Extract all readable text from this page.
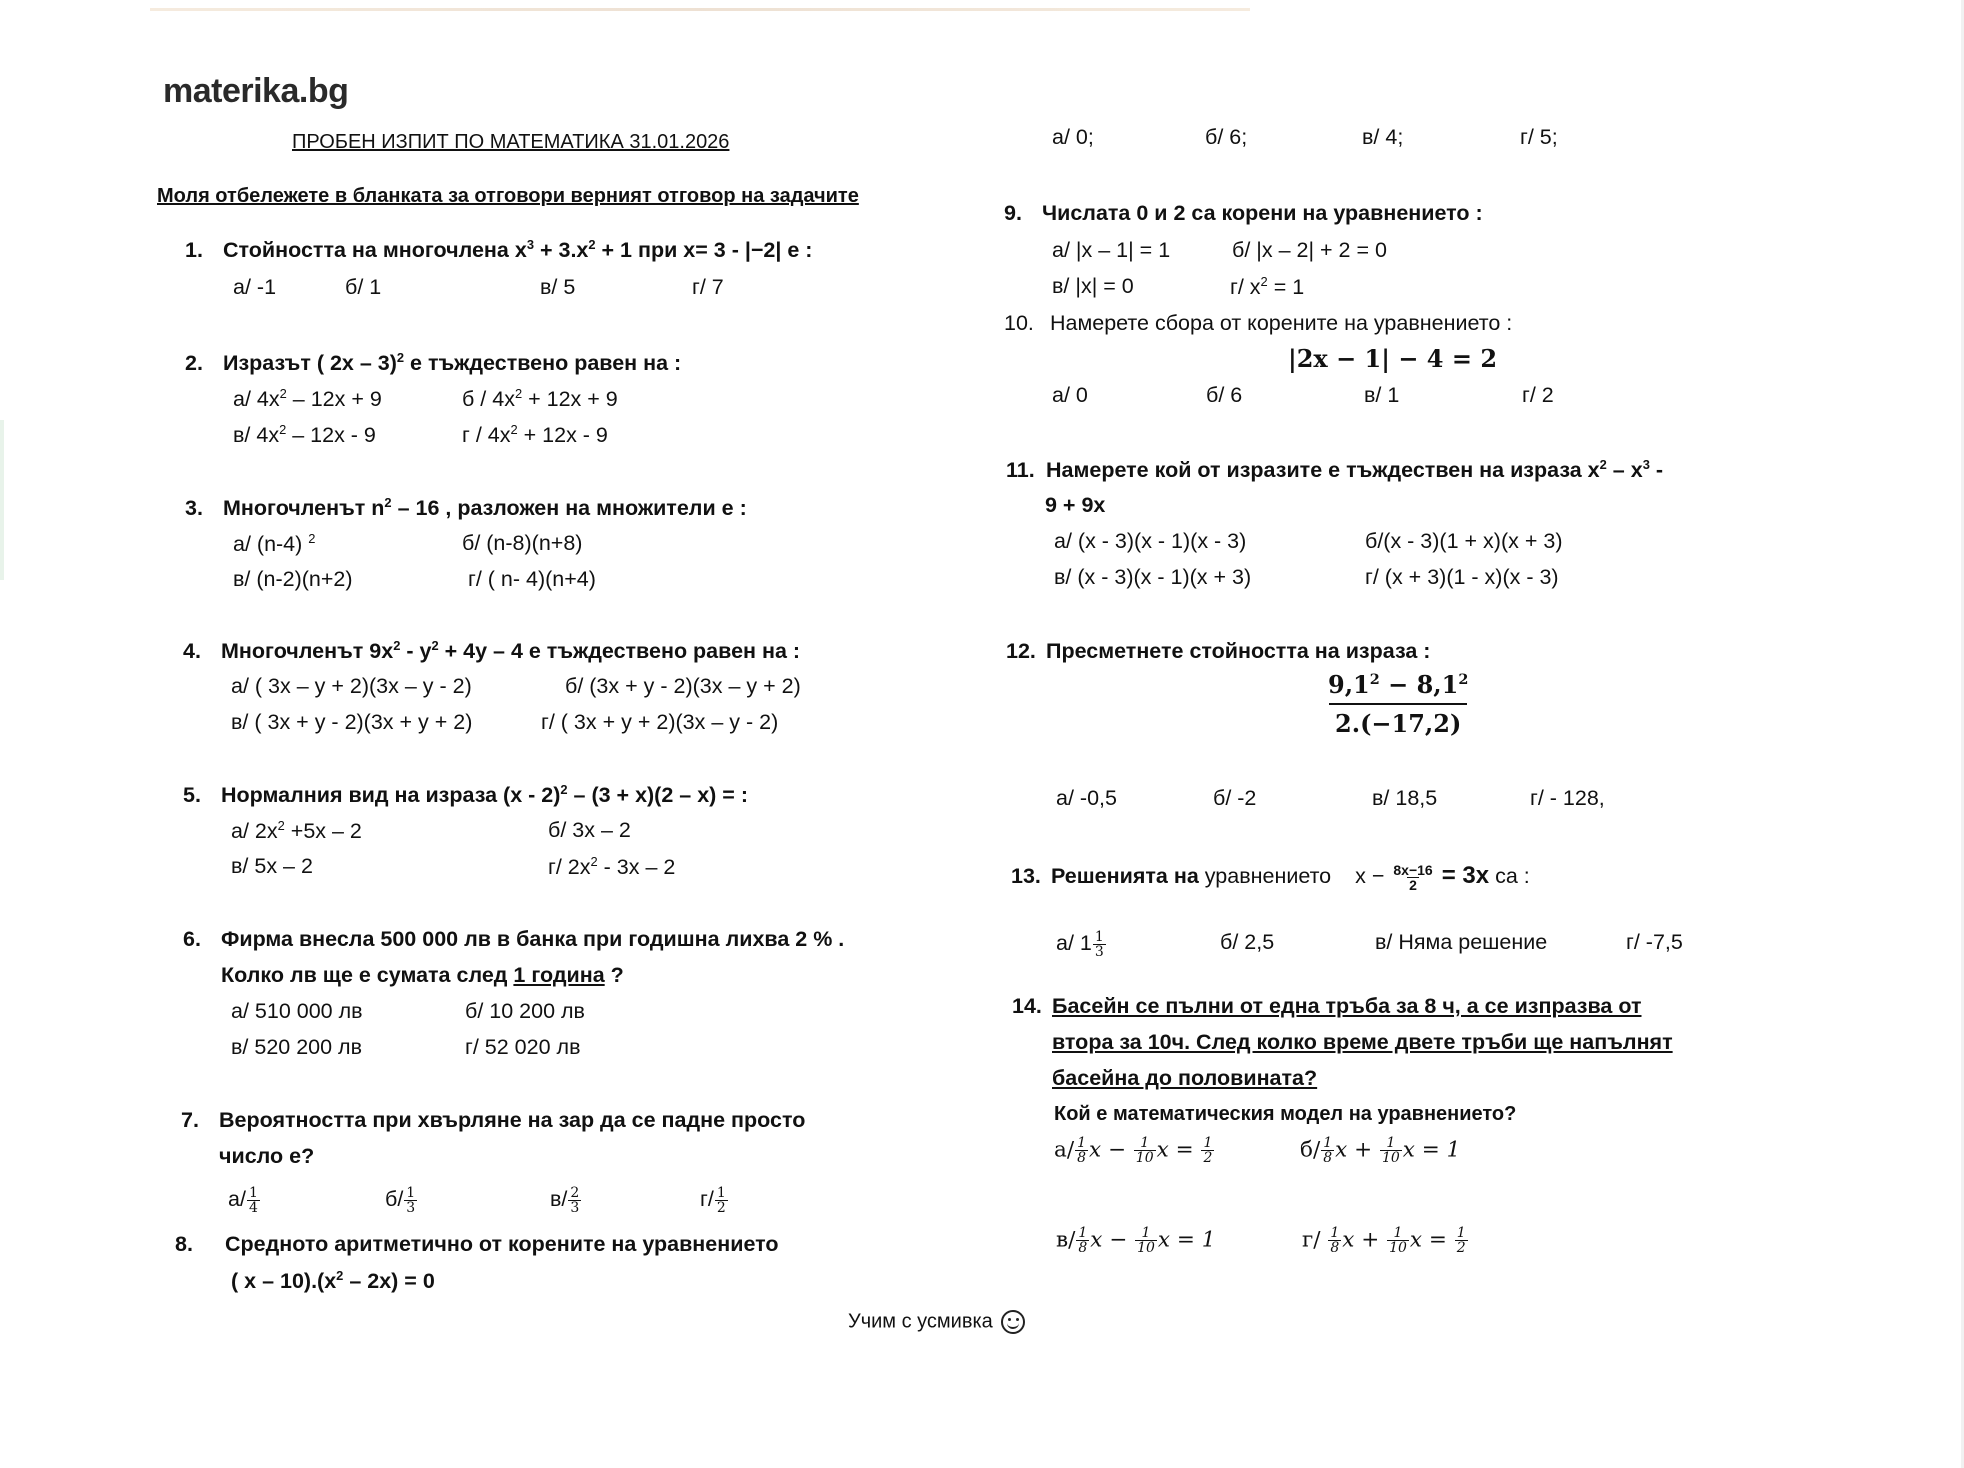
materika.bg
ПРОБЕН ИЗПИТ ПО МАТЕМАТИКА 31.01.2026
Моля отбележете в бланката за отговори верният отговор на задачите
1. Стойността на многочлена $x^3 + 3.x^2 + 1$ при x= 3 - |−2| е :
а/ -1	б/ 1	в/ 5	г/ 7
2. Изразът ( 2x – 3)$^2$ е тъждествено равен на :
а/ $4x^2 - 12x + 9$	$б / 4x^2 + 12x + 9$
в/ $4x^2 - 12x - 9$	$г / 4x^2 + 12x - 9$
3. Многочленът $n^2 - 16$ , разложен на множители е :
а/ (n-4) $^2$	б/ (n-8)(n+8)
в/ (n-2)(n+2)	г/ ( n- 4)(n+4)
4. Многочленът $9x^2 - y^2 + 4y - 4$ е тъждествено равен на :
а/ ( 3x – y + 2)(3x – y - 2)	б/ (3x + y - 2)(3x – y + 2)
в/ ( 3x + y - 2)(3x + y + 2)	г/ ( 3x + y + 2)(3x – y - 2)
5. Нормалния вид на израза (x - 2)$^2$ – (3 + x)(2 – x) = :
а/ $2x^2 +5x - 2$	б/ 3x – 2
в/ 5x – 2	г/ $2x^2 - 3x - 2$
6. Фирма внесла 500 000 лв в банка при годишна лихва 2 % .
Колко лв ще е сумата след 1 година ?
а/ 510 000 лв	б/ 10 200 лв
в/ 520 200 лв	г/ 52 020 лв
7. Вероятността при хвърляне на зар да се падне просто
число е?
$а/ \frac{1}{4}$	$б/ \frac{1}{3}$	$в/ \frac{2}{3}$	$г/ \frac{1}{2}$
8. Средното аритметично от корените на уравнението
( $x - 10).(x^2 - 2x) = 0$
а/ 0;	б/ 6;	в/ 4;	г/ 5;
9. Числата 0 и 2 са корени на уравнението :
а/ |x – 1| = 1	б/ |x – 2| + 2 = 0
в/ |x| = 0	г/ $x^2 = 1$
10. Намерете сбора от корените на уравнението :
|2x − 1| − 4 = 2
а/ 0	б/ 6	в/ 1	г/ 2
11. Намерете кой от изразите е тъждествен на израза $x^2 - x^3$ -
9 + 9x
а/ (x - 3)(x - 1)(x - 3)	б/(x - 3)(1 + x)(x + 3)
в/ (x - 3)(x - 1)(x + 3)	г/ (x + 3)(1 - x)(x - 3)
12. Пресметнете стойността на израза :
$\frac{9,1^2 - 8,1^2}{2.(-17,2)}$
а/ -0,5	б/ -2	в/ 18,5	г/ - 128,
13. Решенията на уравнението $x - \frac{8x-16}{2} = 3x$ са :
а/ $1 \frac{1}{3}$	б/ 2,5	в/ Няма решение	г/ -7,5
14. Басейн се пълни от една тръба за 8 ч, а се изпразва от
втора за 10ч. След колко време двете тръби ще напълнят
басейна до половината?
Кой е математическия модел на уравнението?
$а/ \frac{1}{8}$ $x - \frac{1}{10}$ $x = \frac{1}{2}$	$б/ \frac{1}{8}$ $x + \frac{1}{10}$ x = 1
$в/ \frac{1}{8}$ $x - \frac{1}{10}$ x = 1	$г/ \frac{1}{8}$ $x + \frac{1}{10}$ $x = \frac{1}{2}$
Учим с усмивка
